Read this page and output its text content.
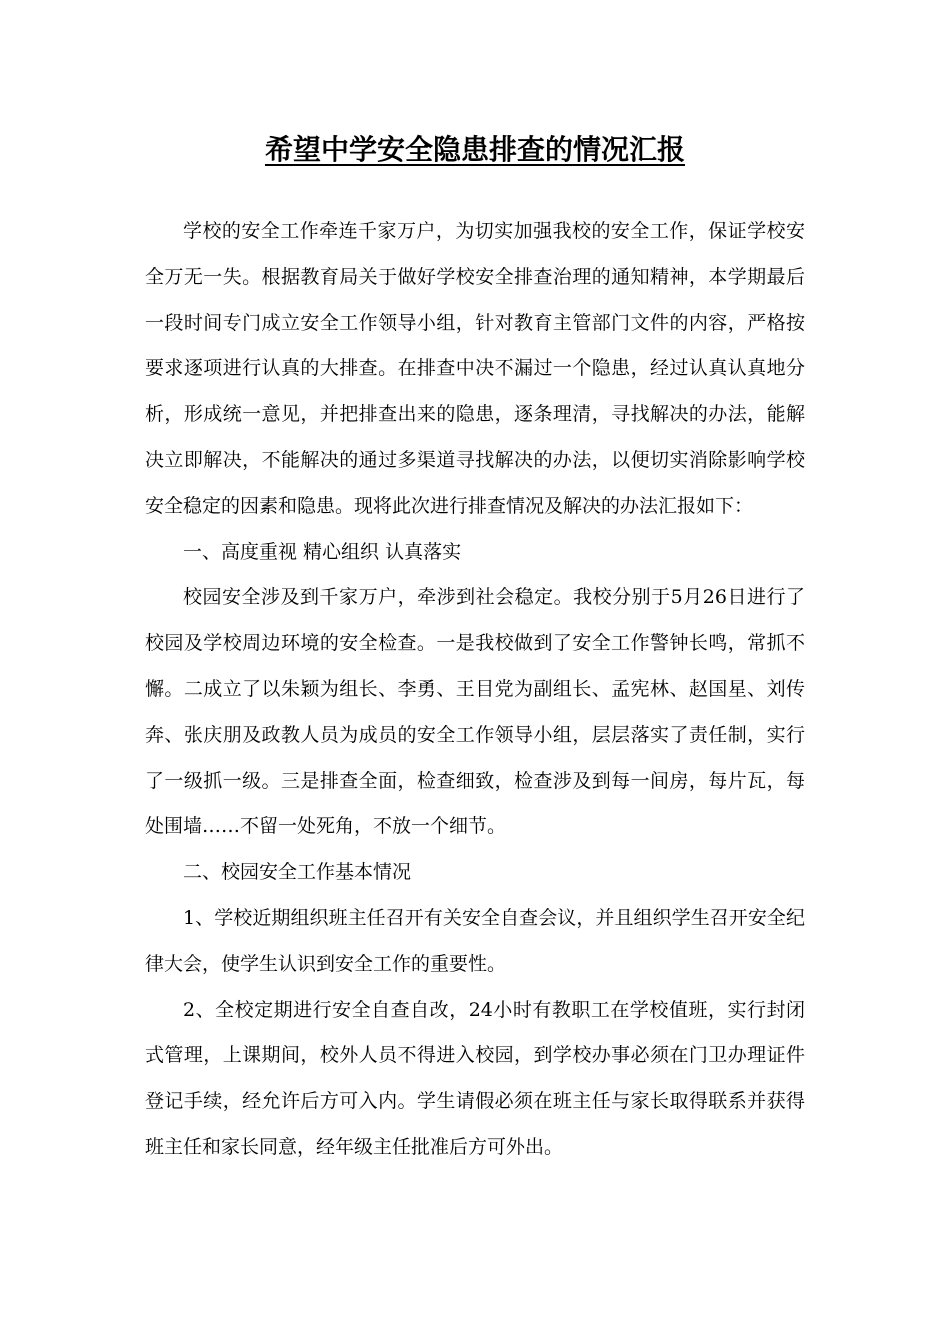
希望中学安全隐患排查的情况汇报

学校的安全工作牵连千家万户，为切实加强我校的安全工作，保证学校安全万无一失。根据教育局关于做好学校安全排查治理的通知精神，本学期最后一段时间专门成立安全工作领导小组，针对教育主管部门文件的内容，严格按要求逐项进行认真的大排查。在排查中决不漏过一个隐患，经过认真认真地分析，形成统一意见，并把排查出来的隐患，逐条理清，寻找解决的办法，能解决立即解决，不能解决的通过多渠道寻找解决的办法，以便切实消除影响学校安全稳定的因素和隐患。现将此次进行排查情况及解决的办法汇报如下：

一、高度重视 精心组织 认真落实

校园安全涉及到千家万户，牵涉到社会稳定。我校分别于5月26日进行了校园及学校周边环境的安全检查。一是我校做到了安全工作警钟长鸣，常抓不懈。二成立了以朱颖为组长、李勇、王目党为副组长、孟宪林、赵国星、刘传奔、张庆朋及政教人员为成员的安全工作领导小组，层层落实了责任制，实行了一级抓一级。三是排查全面，检查细致，检查涉及到每一间房，每片瓦，每处围墙……不留一处死角，不放一个细节。

二、校园安全工作基本情况

1、学校近期组织班主任召开有关安全自查会议，并且组织学生召开安全纪律大会，使学生认识到安全工作的重要性。

2、全校定期进行安全自查自改，24小时有教职工在学校值班，实行封闭式管理，上课期间，校外人员不得进入校园，到学校办事必须在门卫办理证件登记手续，经允许后方可入内。学生请假必须在班主任与家长取得联系并获得班主任和家长同意，经年级主任批准后方可外出。
